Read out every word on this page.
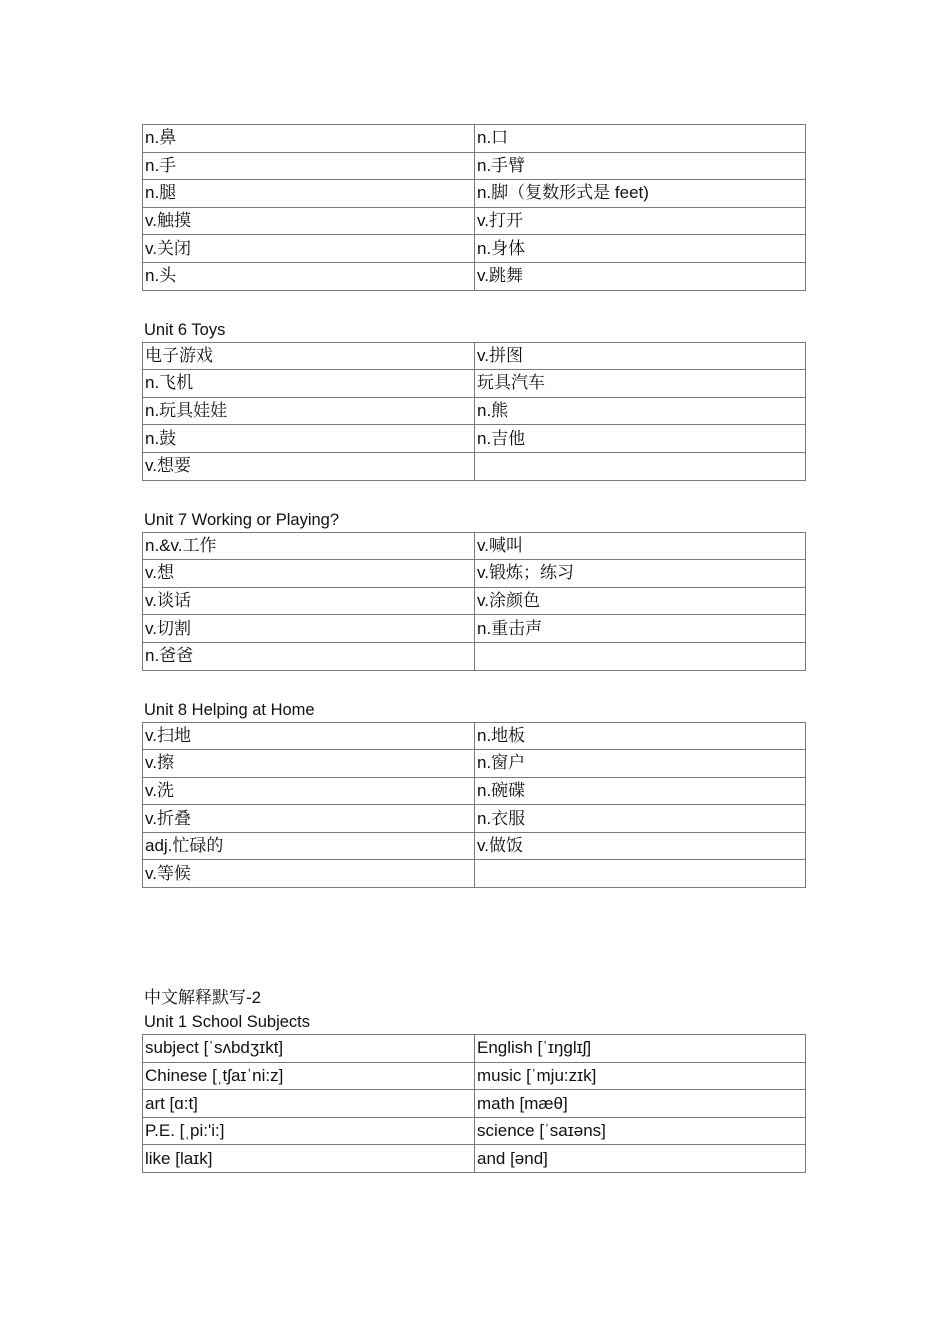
n.鼻	n.口
n.手	n.手臂
n.腿	n.脚（复数形式是 feet)
v.触摸	v.打开
v.关闭	n.身体
n.头	v.跳舞
Unit 6 Toys
电子游戏	v.拼图
n.飞机	玩具汽车
n.玩具娃娃	n.熊
n.鼓	n.吉他
v.想要	
Unit 7 Working or Playing?
n.&v.工作	v.喊叫
v.想	v.锻炼；练习
v.谈话	v.涂颜色
v.切割	n.重击声
n.爸爸	
Unit 8 Helping at Home
v.扫地	n.地板
v.擦	n.窗户
v.洗	n.碗碟
v.折叠	n.衣服
adj.忙碌的	v.做饭
v.等候	
中文解释默写-2
Unit 1 School Subjects
subject [ˈsʌbdʒɪkt]	English [ˈɪŋglɪʃ]
Chinese [ˌtʃaɪˈni:z]	music [ˈmju:zɪk]
art [ɑ:t]	math [mæθ]
P.E. [ˌpi:'i:]	science [ˈsaɪəns]
like [laɪk]	and [ənd]
